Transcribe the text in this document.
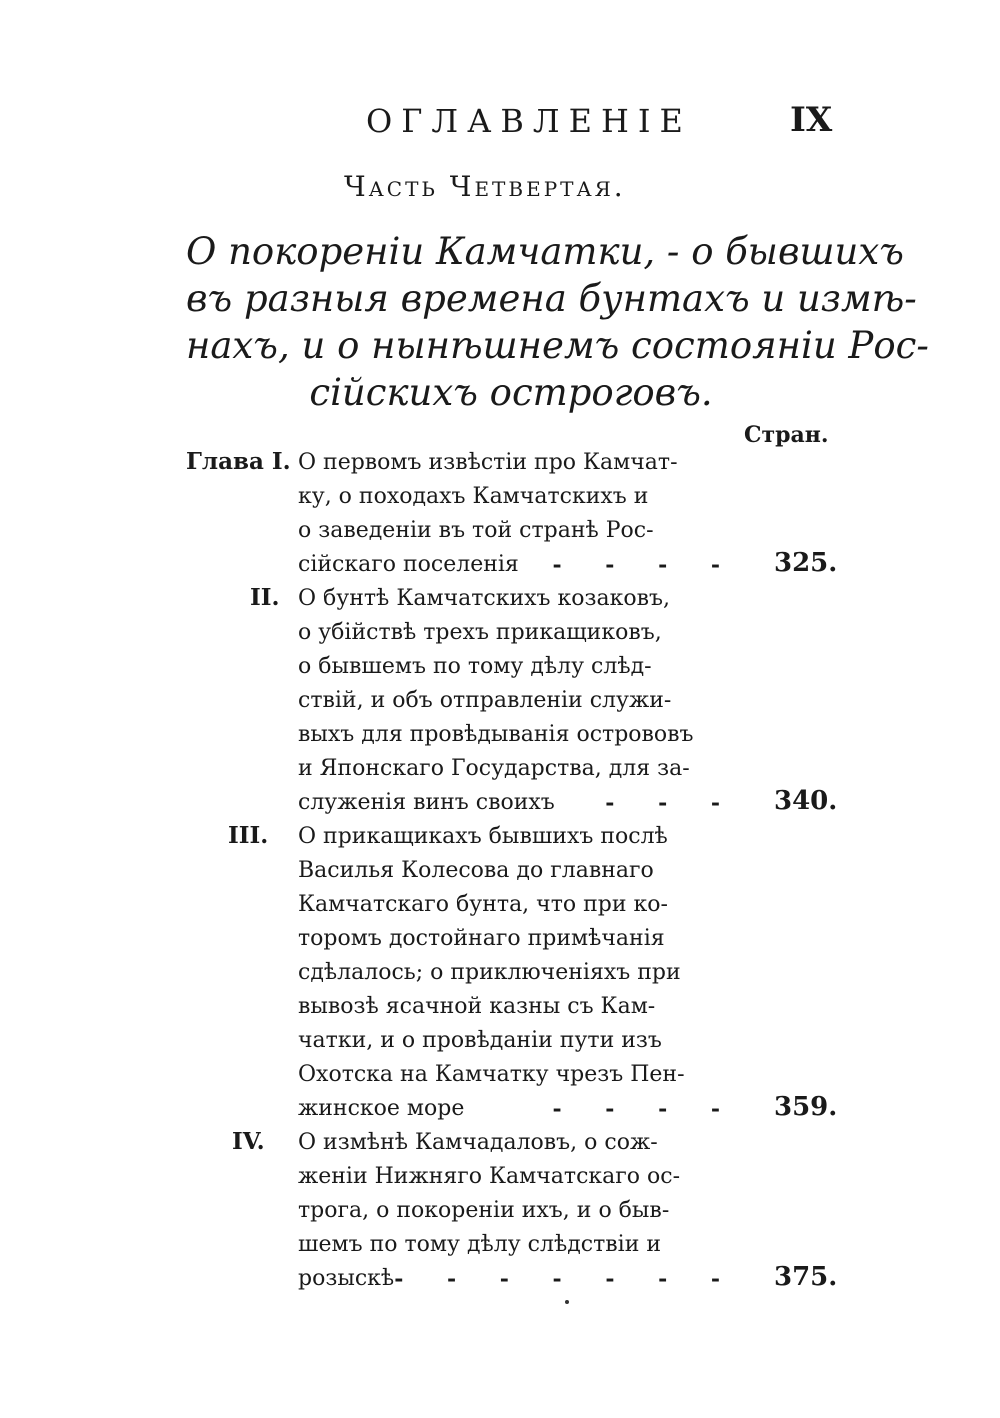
ОГЛАВЛЕНІЕ	IX
Часть Четвертая.
О покореніи Камчатки, - о бывшихъ
въ разныя времена бунтахъ и измѣ-
нахъ, и о нынѣшнемъ состояніи Рос-
сійскихъ остроговъ.
Стран.
Глава I. О первомъ извѣстіи про Камчат-
ку, о походахъ Камчатскихъ и
о заведеніи въ той странѣ Рос-
сійскаго поселенія - - - - 325.
II. О бунтѣ Камчатскихъ козаковъ,
о убійствѣ трехъ прикащиковъ,
о бывшемъ по тому дѣлу слѣд-
ствій, и объ отправленіи служи-
выхъ для провѣдыванія острововъ
и Японскаго Государства, для за-
служенія винъ своихъ - - - 340.
III. О прикащикахъ бывшихъ послѣ
Василья Колесова до главнаго
Камчатскаго бунта, что при ко-
торомъ достойнаго примѣчанія
сдѣлалось; о приключеніяхъ при
вывозѣ ясачной казны съ Кам-
чатки, и о провѣданіи пути изъ
Охотска на Камчатку чрезъ Пен-
жинское море	- - - - 359.
IV. О измѣнѣ Камчадаловъ, о сож-
женіи Нижняго Камчатскаго ос-
трога, о покореніи ихъ, и о быв-
шемъ по тому дѣлу слѣдствіи и
розыскѣ - - - - - - - 375.
